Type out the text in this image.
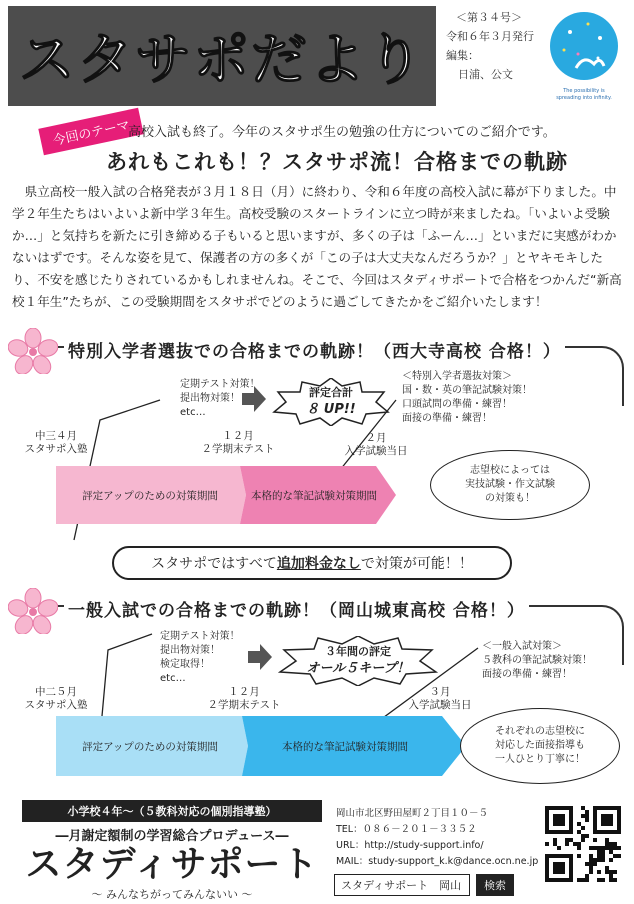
スタサポだより
＜第３４号＞
令和６年３月発行
編集：
日浦、公文
The possibility is
spreading into infinity.
今回のテーマ
高校入試も終了。今年のスタサポ生の勉強の仕方についてのご紹介です。
あれもこれも！？スタサポ流！合格までの軌跡
県立高校一般入試の合格発表が３月１８日（月）に終わり、令和６年度の高校入試に幕が下りました。中学２年生たちはいよいよ新中学３年生。高校受験のスタートラインに立つ時が来ましたね。「いよいよ受験か…」と気持ちを新たに引き締める子もいると思いますが、多くの子は「ふーん…」といまだに実感がわかないはずです。そんな姿を見て、保護者の方の多くが「この子は大丈夫なんだろうか？」とヤキモキしたり、不安を感じたりされているかもしれませんね。そこで、今回はスタディサポートで合格をつかんだ“新高校１年生”たちが、この受験期間をスタサポでどのように過ごしてきたかをご紹介いたします！
特別入学者選抜での合格までの軌跡！（西大寺高校 合格！）
定期テスト対策！
提出物対策！
etc…
評定合計
８ UP!!
＜特別入学者選抜対策＞
国・数・英の筆記試験対策！
口頭試問の準備・練習！
面接の準備・練習！
中三４月
スタサポ入塾
１２月
２学期末テスト
２月
入学試験当日
評定アップのための対策期間	本格的な筆記試験対策期間
志望校によっては
実技試験・作文試験
の対策も！
スタサポではすべて 追加料金なし で対策が可能！！
一般入試での合格までの軌跡！（岡山城東高校 合格！）
定期テスト対策！
提出物対策！
検定取得！
etc…
３年間の評定
オール５キープ！
＜一般入試対策＞
５教科の筆記試験対策！
面接の準備・練習！
中二５月
スタサポ入塾
１２月
２学期末テスト
３月
入学試験当日
評定アップのための対策期間	本格的な筆記試験対策期間
それぞれの志望校に
対応した面接指導も
一人ひとり丁寧に！
小学校４年〜（５教科対応の個別指導塾）
―月謝定額制の学習総合プロデュース―
スタディサポート
〜 みんなちがってみんないい 〜
岡山市北区野田屋町２丁目１０－５
TEL：０８６－２０１－３３５２
URL：http://study-support.info/
MAIL：study-support_k.k@dance.ocn.ne.jp
スタディサポート　岡山	検索
